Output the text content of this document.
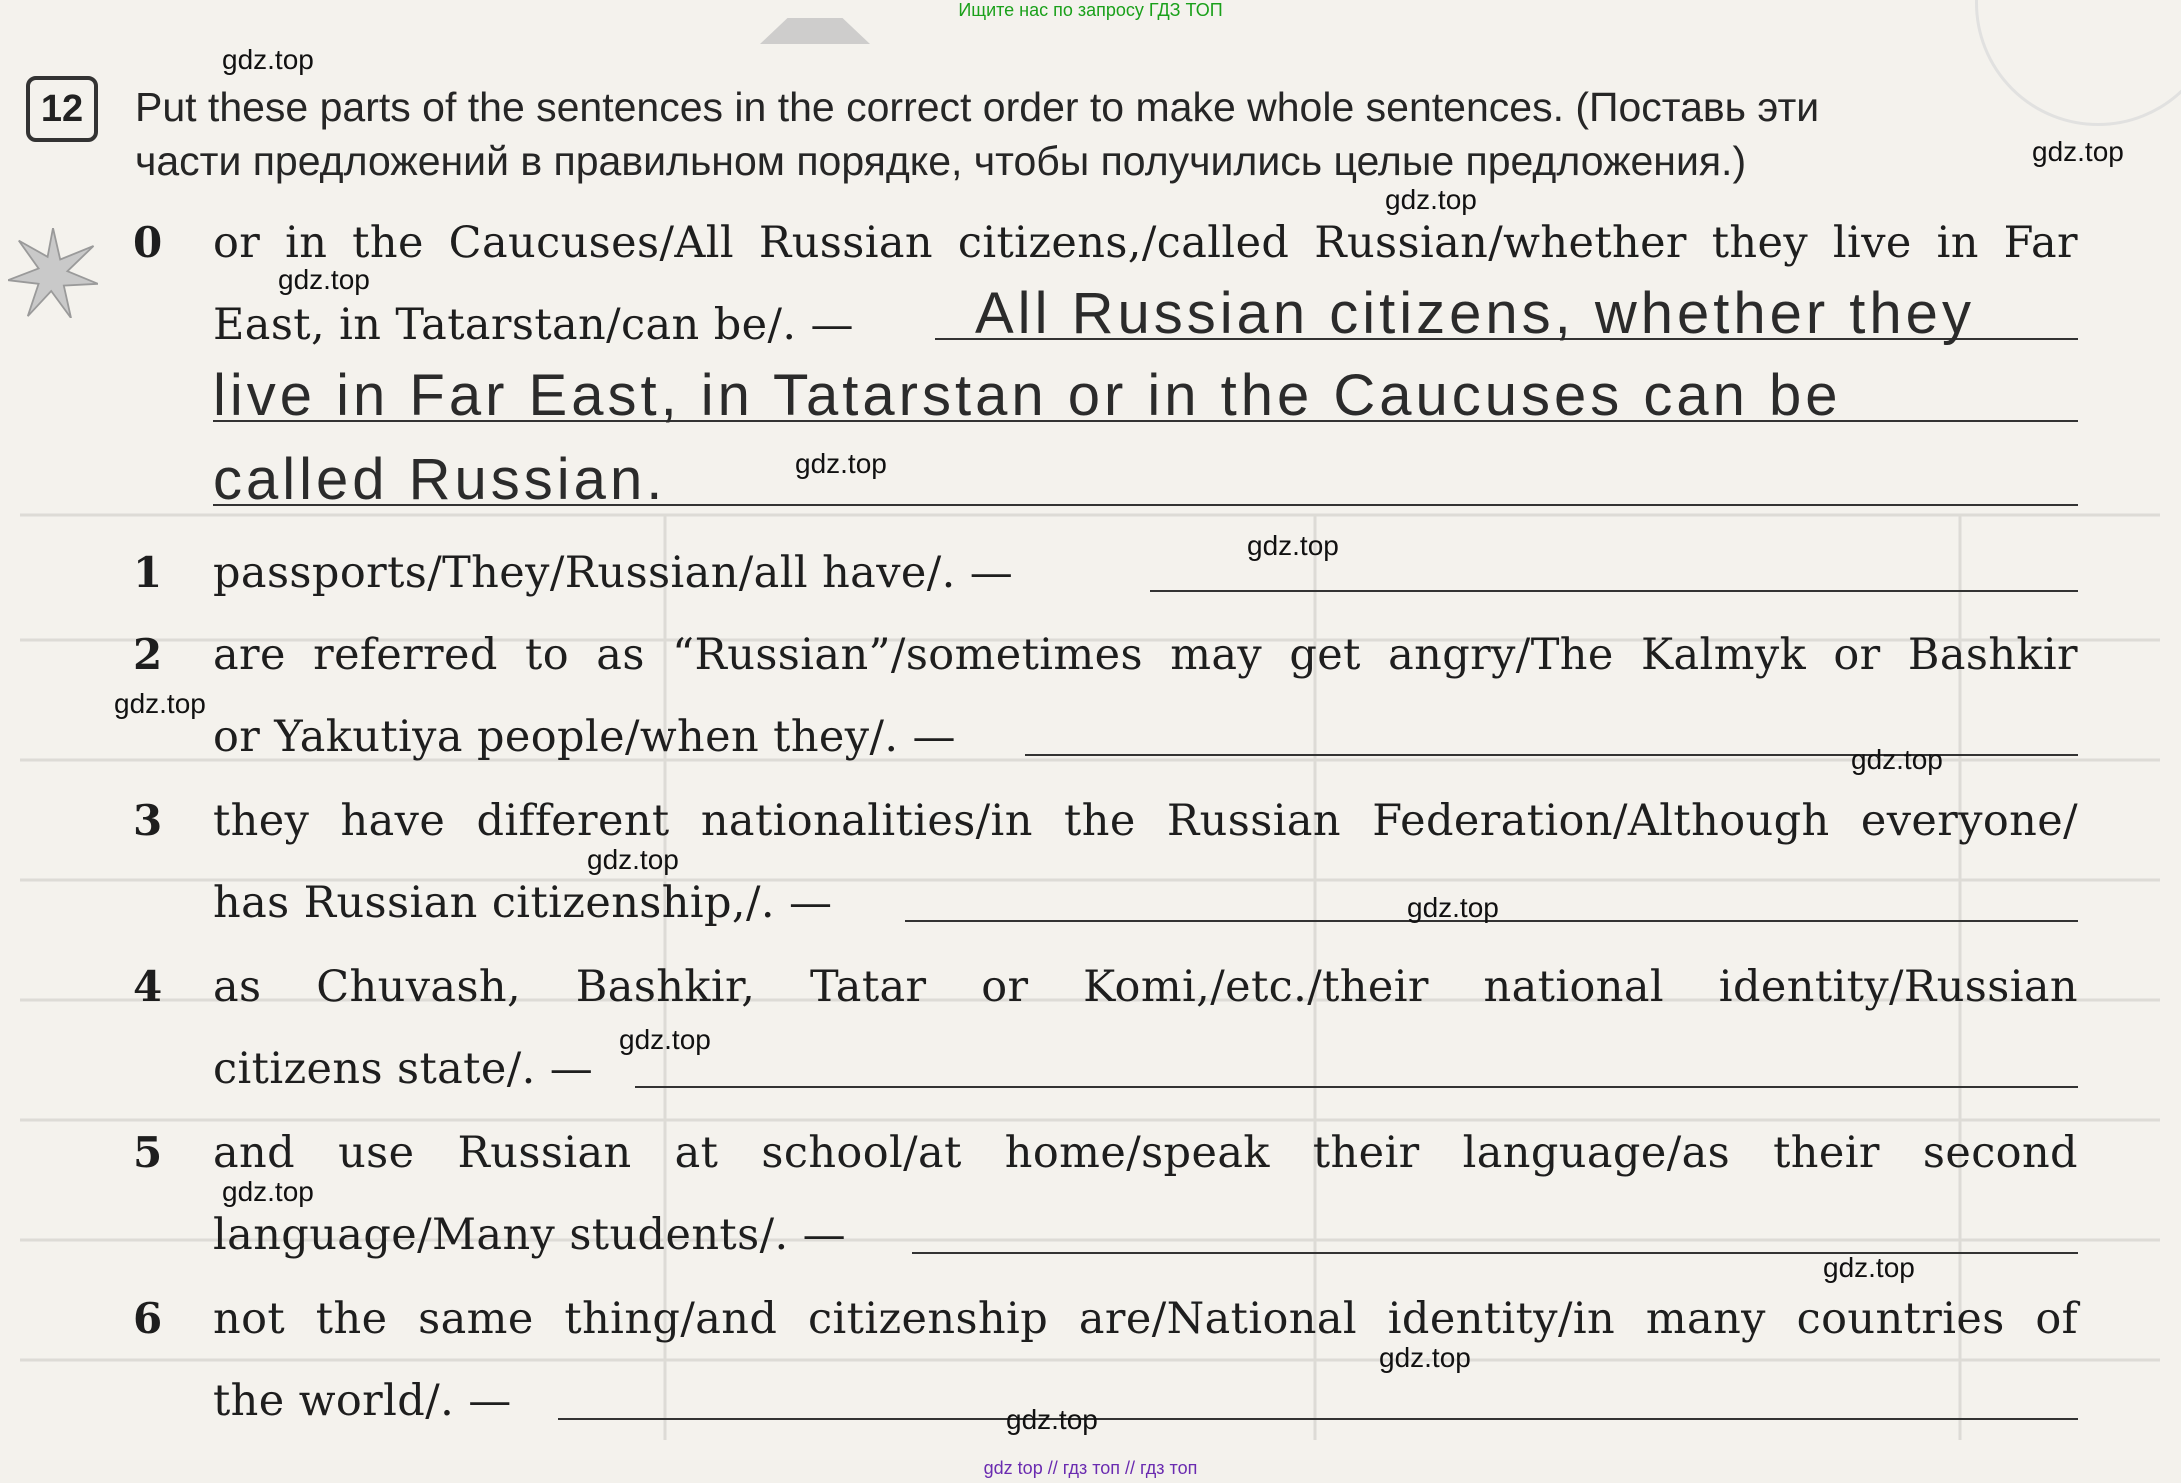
Ищите нас по запросу ГДЗ ТОП
12	Put these parts of the sentences in the correct order to make whole sentences. (Поставь эти
части предложений в правильном порядке, чтобы получились целые предложения.)
0 or in the Caucuses/All Russian citizens,/called Russian/whether they live in Far
East, in Tatarstan/can be/. — All Russian citizens, whether they
live in Far East, in Tatarstan or in the Caucuses can be
called Russian.
1 passports/They/Russian/all have/. —
2 are referred to as “Russian”/sometimes may get angry/The Kalmyk or Bashkir
or Yakutiya people/when they/. —
3 they have different nationalities/in the Russian Federation/Although everyone/
has Russian citizenship,/. —
4 as Chuvash, Bashkir, Tatar or Komi,/etc./their national identity/Russian
citizens state/. —
5 and use Russian at school/at home/speak their language/as their second
language/Many students/. —
6 not the same thing/and citizenship are/National identity/in many countries of
the world/. —
gdz.top
gdz.top
gdz.top
gdz.top
gdz.top
gdz.top
gdz.top
gdz.top
gdz.top
gdz.top
gdz.top
gdz.top
gdz.top
gdz.top
gdz.top
gdz top // гдз топ // гдз топ
